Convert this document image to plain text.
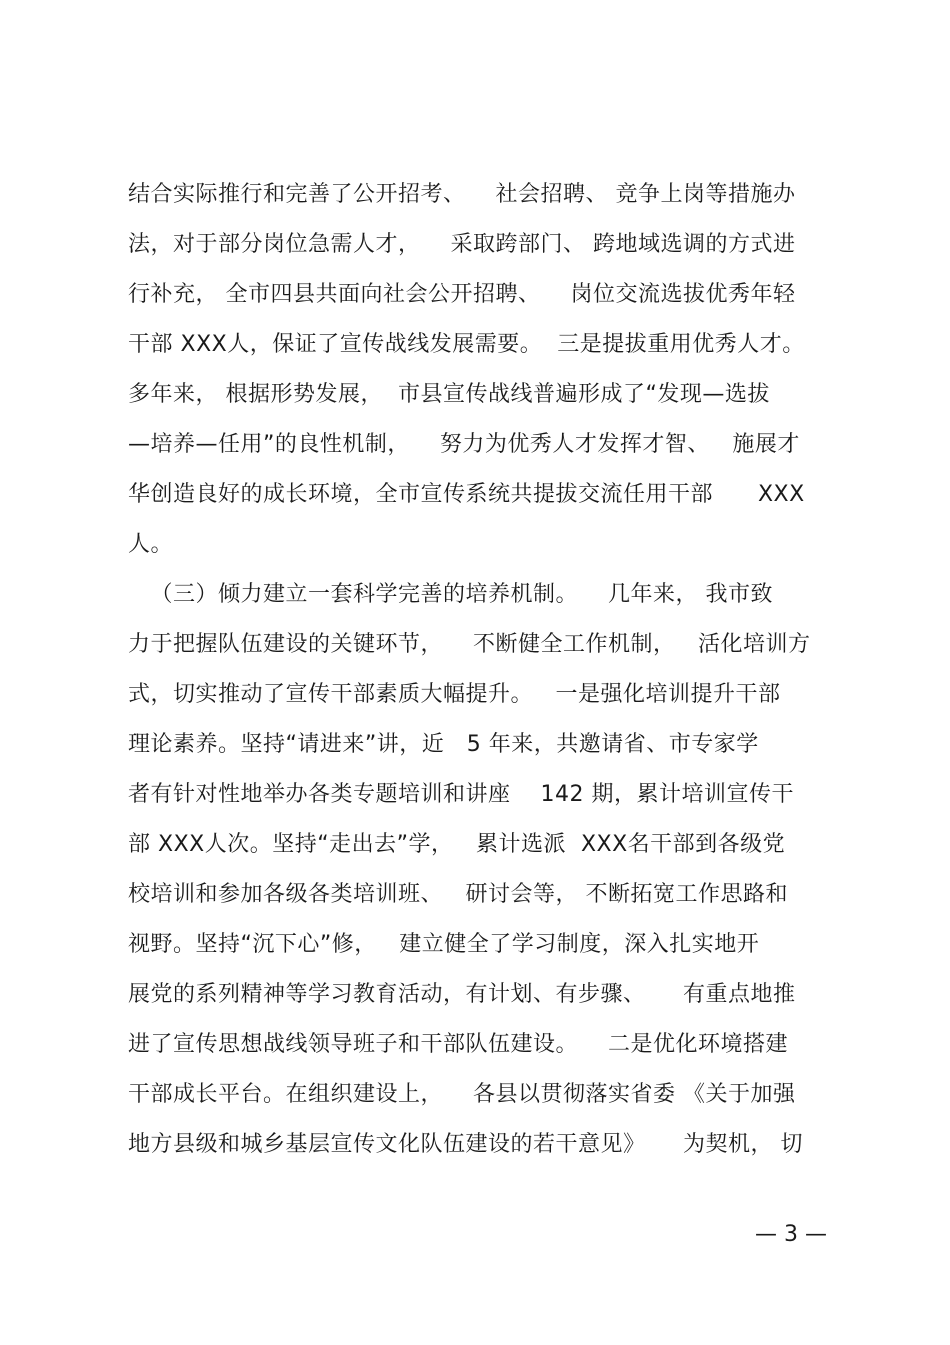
结合实际推行和完善了公开招考、    社会招聘、 竞争上岗等措施办
法，对于部分岗位急需人才，    采取跨部门、 跨地域选调的方式进
行补充， 全市四县共面向社会公开招聘、    岗位交流选拔优秀年轻
干部 XXX人，保证了宣传战线发展需要。  三是提拔重用优秀人才。
多年来， 根据形势发展，  市县宣传战线普遍形成了“发现—选拔
—培养—任用”的良性机制，    努力为优秀人才发挥才智、   施展才
华创造良好的成长环境，全市宣传系统共提拔交流任用干部      XXX
人。
（三）倾力建立一套科学完善的培养机制。    几年来， 我市致
力于把握队伍建设的关键环节，    不断健全工作机制，   活化培训方
式，切实推动了宣传干部素质大幅提升。   一是强化培训提升干部
理论素养。坚持“请进来”讲，近   5 年来，共邀请省、市专家学
者有针对性地举办各类专题培训和讲座    142 期，累计培训宣传干
部 XXX人次。坚持“走出去”学，   累计选派  XXX名干部到各级党
校培训和参加各级各类培训班、   研讨会等， 不断拓宽工作思路和
视野。坚持“沉下心”修，   建立健全了学习制度，深入扎实地开
展党的系列精神等学习教育活动，有计划、有步骤、     有重点地推
进了宣传思想战线领导班子和干部队伍建设。    二是优化环境搭建
干部成长平台。在组织建设上，    各县以贯彻落实省委 《关于加强
地方县级和城乡基层宣传文化队伍建设的若干意见》     为契机， 切
— 3 —
